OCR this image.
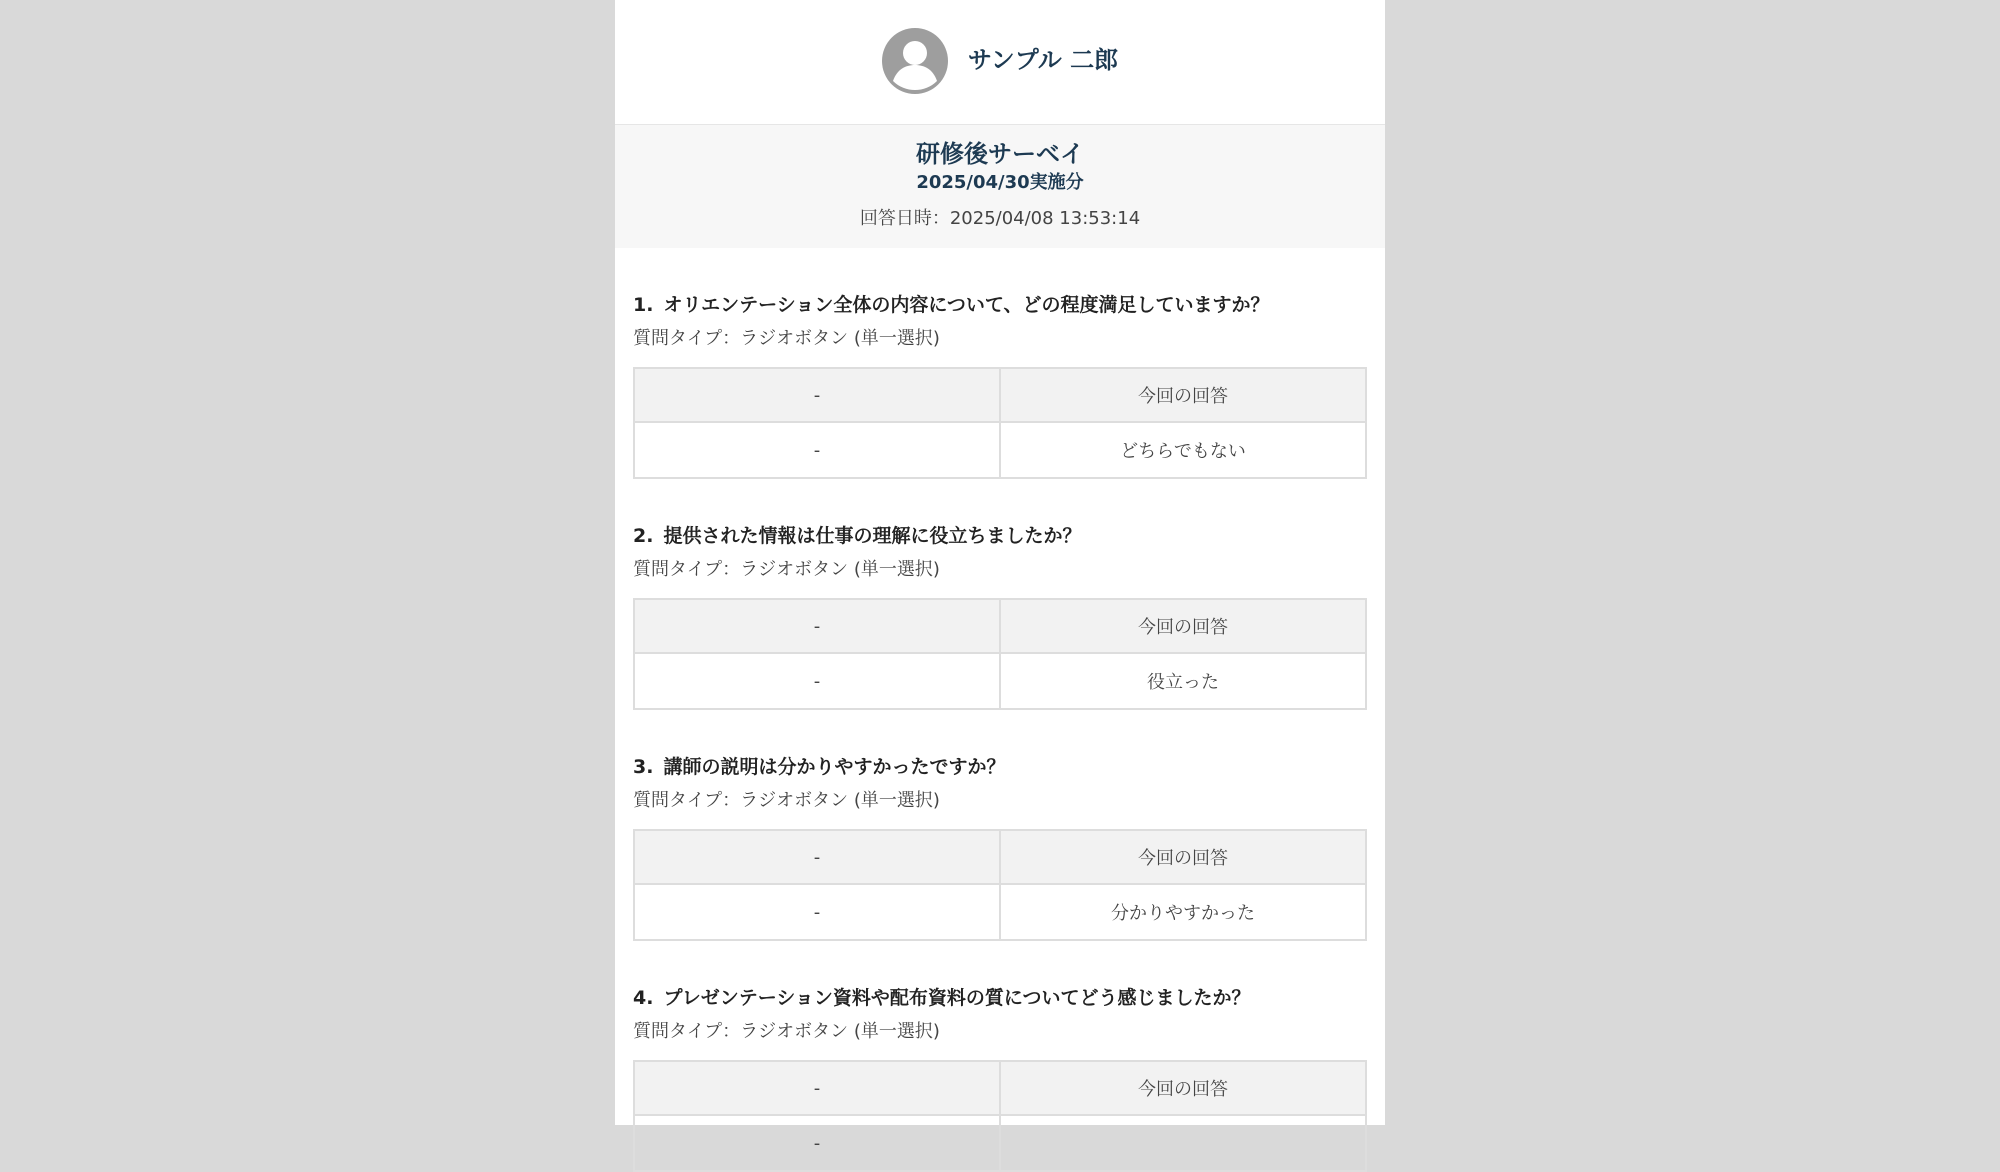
サンプル 二郎
研修後サーベイ
2025/04/30実施分
回答日時：2025/04/08 13:53:14
1. オリエンテーション全体の内容について、どの程度満足していますか？
質問タイプ：ラジオボタン (単一選択)
-	今回の回答
-	どちらでもない
2. 提供された情報は仕事の理解に役立ちましたか？
質問タイプ：ラジオボタン (単一選択)
-	今回の回答
-	役立った
3. 講師の説明は分かりやすかったですか？
質問タイプ：ラジオボタン (単一選択)
-	今回の回答
-	分かりやすかった
4. プレゼンテーション資料や配布資料の質についてどう感じましたか？
質問タイプ：ラジオボタン (単一選択)
-	今回の回答
-	
